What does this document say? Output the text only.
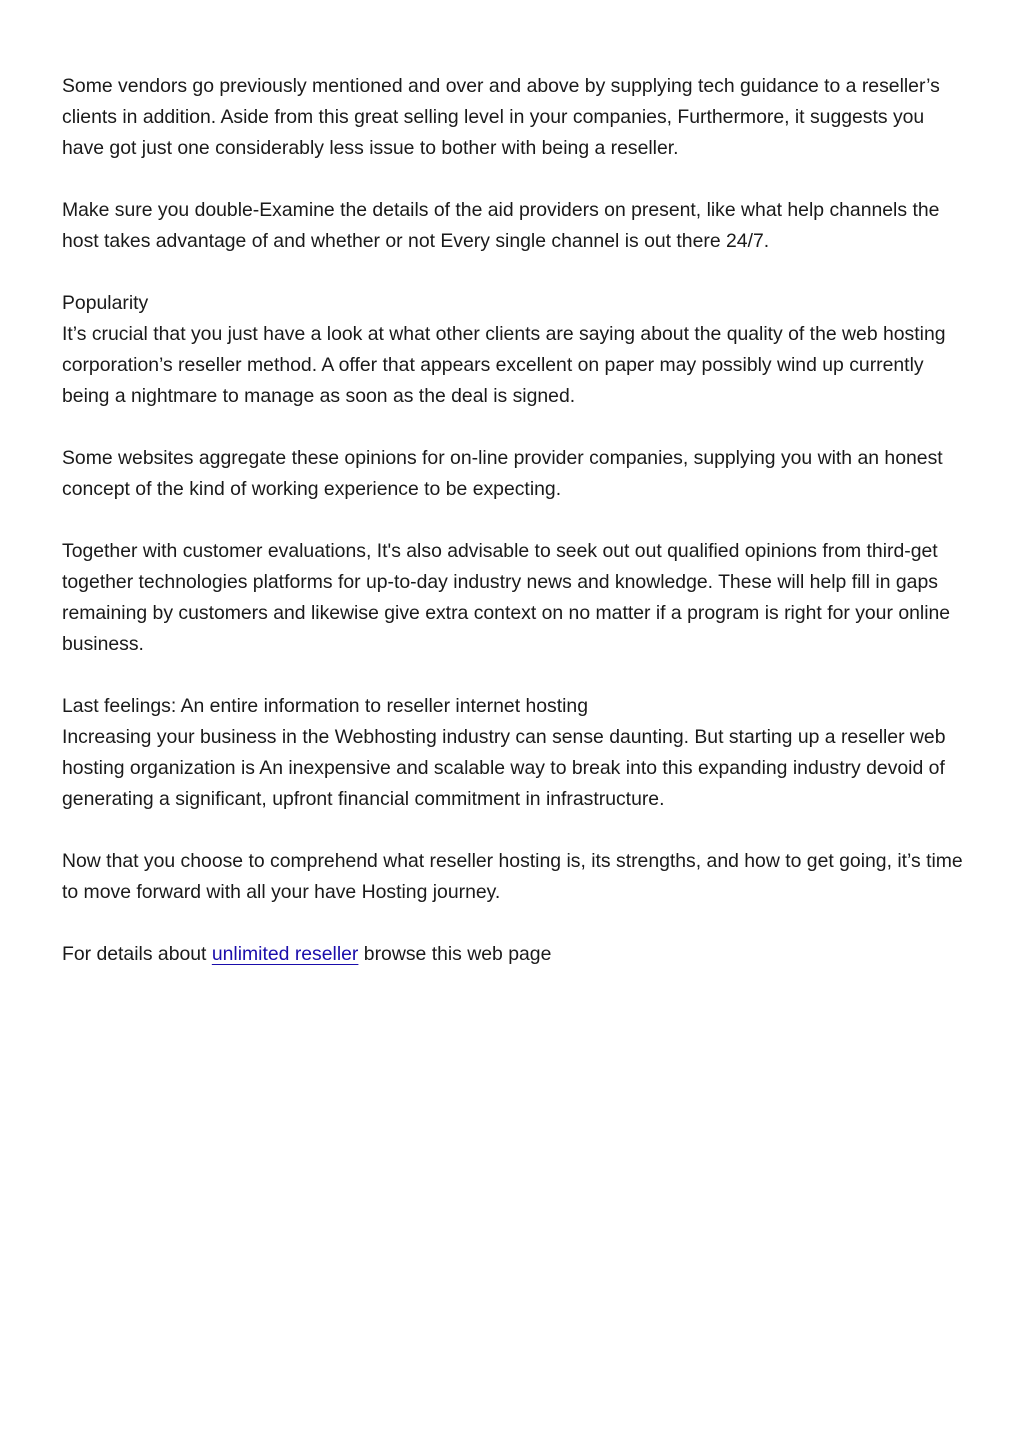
Some vendors go previously mentioned and over and above by supplying tech guidance to a reseller’s clients in addition. Aside from this great selling level in your companies, Furthermore, it suggests you have got just one considerably less issue to bother with being a reseller.

Make sure you double-Examine the details of the aid providers on present, like what help channels the host takes advantage of and whether or not Every single channel is out there 24/7.

Popularity
It’s crucial that you just have a look at what other clients are saying about the quality of the web hosting corporation’s reseller method. A offer that appears excellent on paper may possibly wind up currently being a nightmare to manage as soon as the deal is signed.

Some websites aggregate these opinions for on-line provider companies, supplying you with an honest concept of the kind of working experience to be expecting.

Together with customer evaluations, It's also advisable to seek out out qualified opinions from third-get together technologies platforms for up-to-day industry news and knowledge. These will help fill in gaps remaining by customers and likewise give extra context on no matter if a program is right for your online business.

Last feelings: An entire information to reseller internet hosting
Increasing your business in the Webhosting industry can sense daunting. But starting up a reseller web hosting organization is An inexpensive and scalable way to break into this expanding industry devoid of generating a significant, upfront financial commitment in infrastructure.

Now that you choose to comprehend what reseller hosting is, its strengths, and how to get going, it’s time to move forward with all your have Hosting journey.

For details about unlimited reseller browse this web page
